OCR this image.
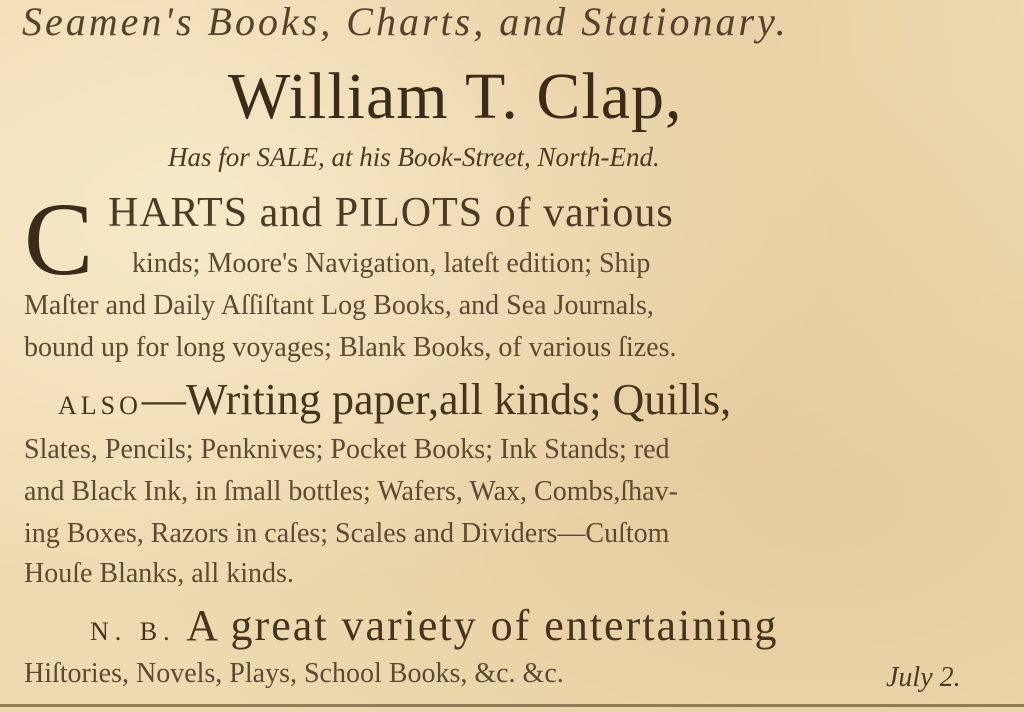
Seamen's Books, Charts, and Stationary.
William T. Clap,
Has for SALE, at his Book-Street, North-End.
C HARTS and PILOTS of various
kinds; Moore's Navigation, lateſt edition; Ship
Maſter and Daily Aſſiſtant Log Books, and Sea Journals,
bound up for long voyages; Blank Books, of various ſizes.
ALSO—Writing paper,all kinds; Quills,
Slates, Pencils; Penknives; Pocket Books; Ink Stands; red
and Black Ink, in ſmall bottles; Wafers, Wax, Combs,ſhav-
ing Boxes, Razors in caſes; Scales and Dividers—Cuſtom
Houſe Blanks, all kinds.
N. B. A great variety of entertaining
Hiſtories, Novels, Plays, School Books, &c. &c.	July 2.
